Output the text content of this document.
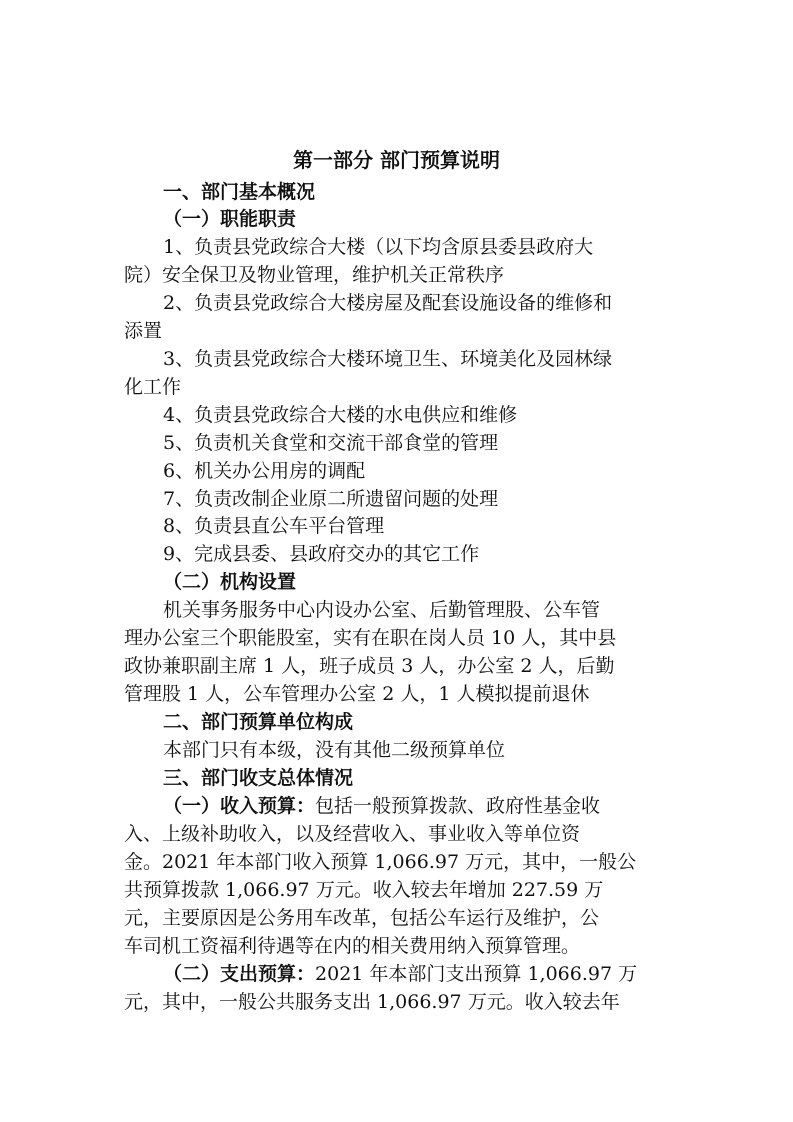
第一部分 部门预算说明
一、部门基本概况
（一）职能职责
1、负责县党政综合大楼（以下均含原县委县政府大
院）安全保卫及物业管理，维护机关正常秩序
2、负责县党政综合大楼房屋及配套设施设备的维修和
添置
3、负责县党政综合大楼环境卫生、环境美化及园林绿
化工作
4、负责县党政综合大楼的水电供应和维修
5、负责机关食堂和交流干部食堂的管理
6、机关办公用房的调配
7、负责改制企业原二所遗留问题的处理
8、负责县直公车平台管理
9、完成县委、县政府交办的其它工作
（二）机构设置
机关事务服务中心内设办公室、后勤管理股、公车管
理办公室三个职能股室，实有在职在岗人员 10 人，其中县
政协兼职副主席 1 人，班子成员 3 人，办公室 2 人，后勤
管理股 1 人，公车管理办公室 2 人，1 人模拟提前退休
二、部门预算单位构成
本部门只有本级，没有其他二级预算单位
三、部门收支总体情况
（一）收入预算：包括一般预算拨款、政府性基金收
入、上级补助收入，以及经营收入、事业收入等单位资
金。2021 年本部门收入预算 1,066.97 万元，其中，一般公
共预算拨款 1,066.97 万元。收入较去年增加 227.59 万
元，主要原因是公务用车改革，包括公车运行及维护，公
车司机工资福利待遇等在内的相关费用纳入预算管理。
（二）支出预算：2021 年本部门支出预算 1,066.97 万
元，其中，一般公共服务支出 1,066.97 万元。收入较去年
